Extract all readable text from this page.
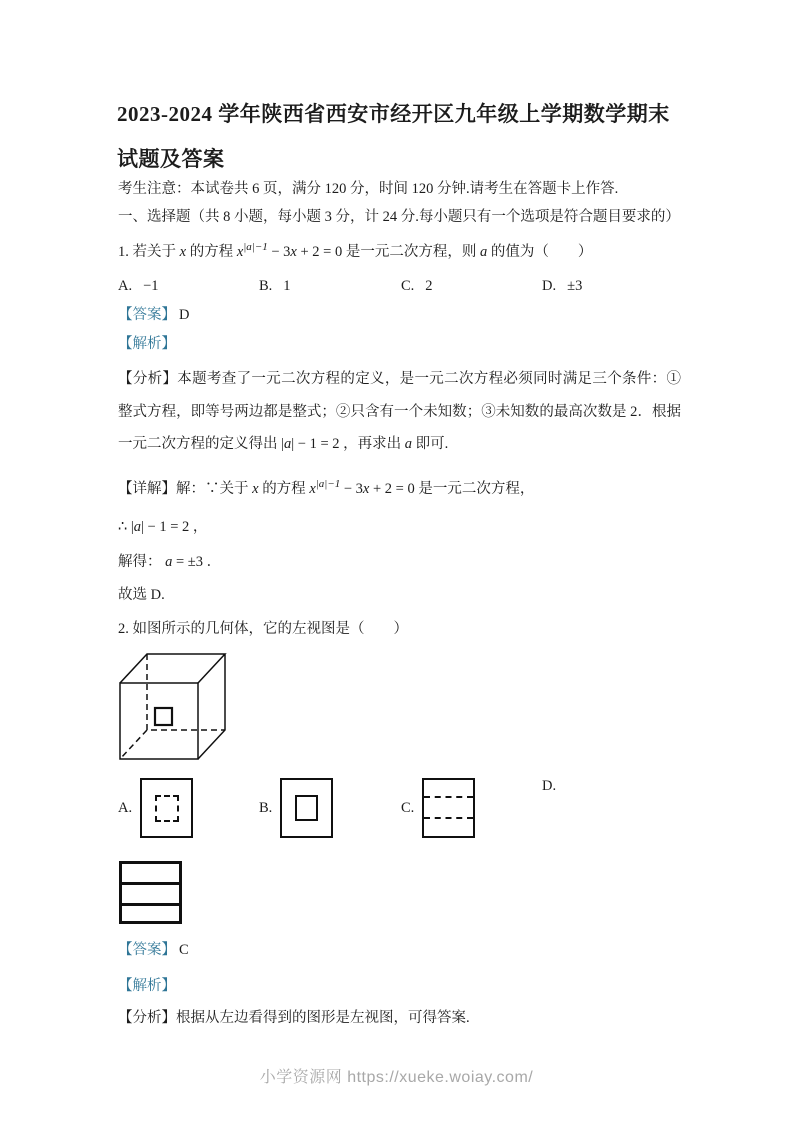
2023-2024 学年陕西省西安市经开区九年级上学期数学期末
试题及答案
考生注意：本试卷共 6 页，满分 120 分，时间 120 分钟.请考生在答题卡上作答.
一、选择题（共 8 小题，每小题 3 分，计 24 分.每小题只有一个选项是符合题目要求的）
1. 若关于 x 的方程 $x^{|a|-1} - 3x + 2 = 0$ 是一元二次方程，则 a 的值为（　　）
A. −1	B. 1	C. 2	D. ±3
【答案】 D
【解析】
【分析】本题考查了一元二次方程的定义，是一元二次方程必须同时满足三个条件：①整式方程，即等号两边都是整式；②只含有一个未知数；③未知数的最高次数是 2．根据一元二次方程的定义得出 |a| − 1 = 2 ，再求出 a 即可.
【详解】解：∵关于 x 的方程 $x^{|a|-1} - 3x + 2 = 0$ 是一元二次方程，
∴ |a| − 1 = 2 ，
解得： a = ±3 ．
故选 D.
2. 如图所示的几何体，它的左视图是（　　）
A.	B.	C.
D.
【答案】 C
【解析】
【分析】根据从左边看得到的图形是左视图，可得答案.
小学资源网 https://xueke.woiay.com/
